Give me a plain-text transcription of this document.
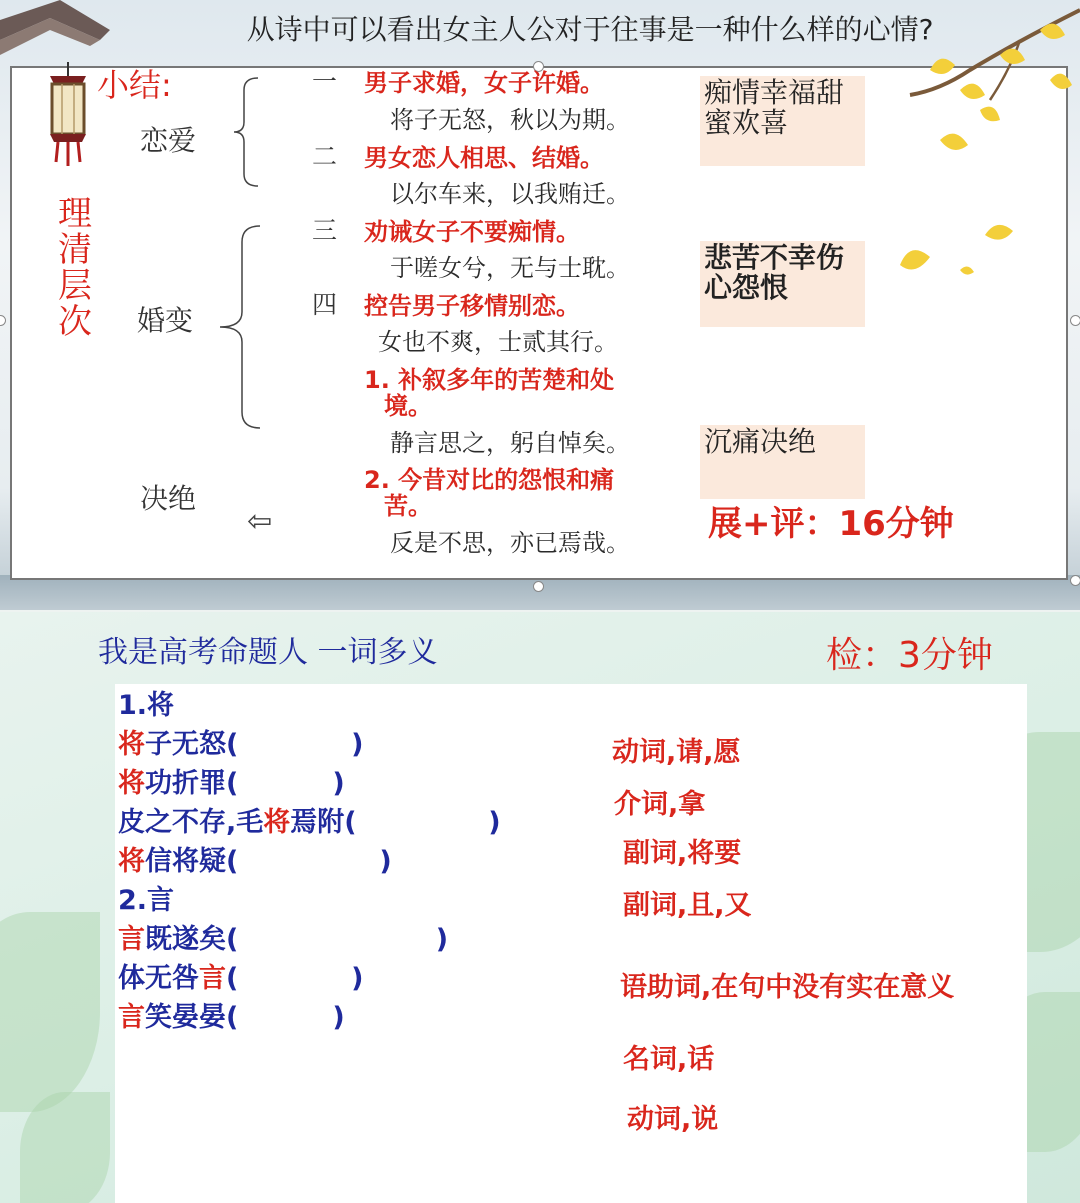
从诗中可以看出女主人公对于往事是一种什么样的心情?
小结:
理清层次
恋爱
婚变
决绝
⇦
一 男子求婚，女子许婚。
将子无怒，秋以为期。
二 男女恋人相思、结婚。
以尔车来，以我贿迁。
三 劝诫女子不要痴情。
于嗟女兮，无与士耽。
四 控告男子移情别恋。
女也不爽，士贰其行。
1. 补叙多年的苦楚和处
境。
静言思之，躬自悼矣。
2. 今昔对比的怨恨和痛
苦。
反是不思，亦已焉哉。
痴情幸福甜蜜欢喜
悲苦不幸伤心怨恨
沉痛决绝
展+评：16分钟
我是高考命题人 一词多义	检：3分钟
1.将
将子无怒(            )
将功折罪(          )
皮之不存,毛将焉附(              )
将信将疑(               )
2.言
言既遂矣(                     )
体无咎言(            )
言笑晏晏(          )
动词,请,愿
介词,拿
副词,将要
副词,且,又
语助词,在句中没有实在意义
名词,话
动词,说
